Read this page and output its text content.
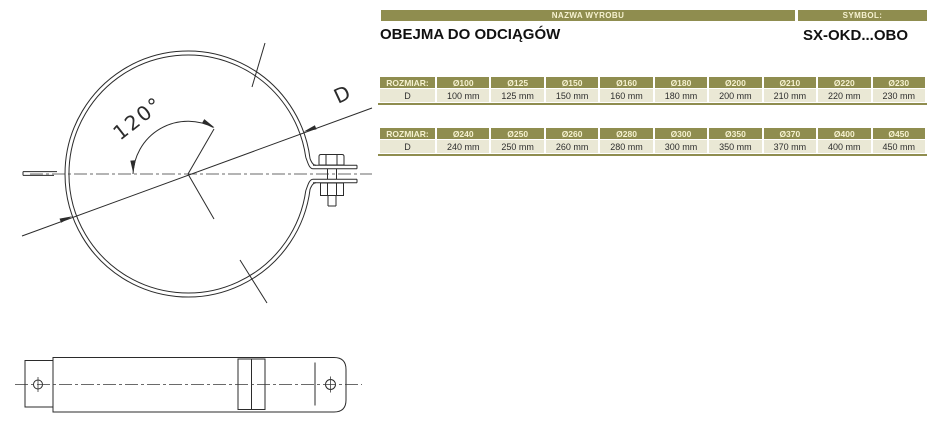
D
120°
NAZWA WYROBU	SYMBOL:
OBEJMA DO ODCIĄGÓW	SX-OKD...OBO
ROZMIAR:	Ø100	Ø125	Ø150	Ø160	Ø180	Ø200	Ø210	Ø220	Ø230
D	100 mm	125 mm	150 mm	160 mm	180 mm	200 mm	210 mm	220 mm	230 mm
ROZMIAR:	Ø240	Ø250	Ø260	Ø280	Ø300	Ø350	Ø370	Ø400	Ø450
D	240 mm	250 mm	260 mm	280 mm	300 mm	350 mm	370 mm	400 mm	450 mm
